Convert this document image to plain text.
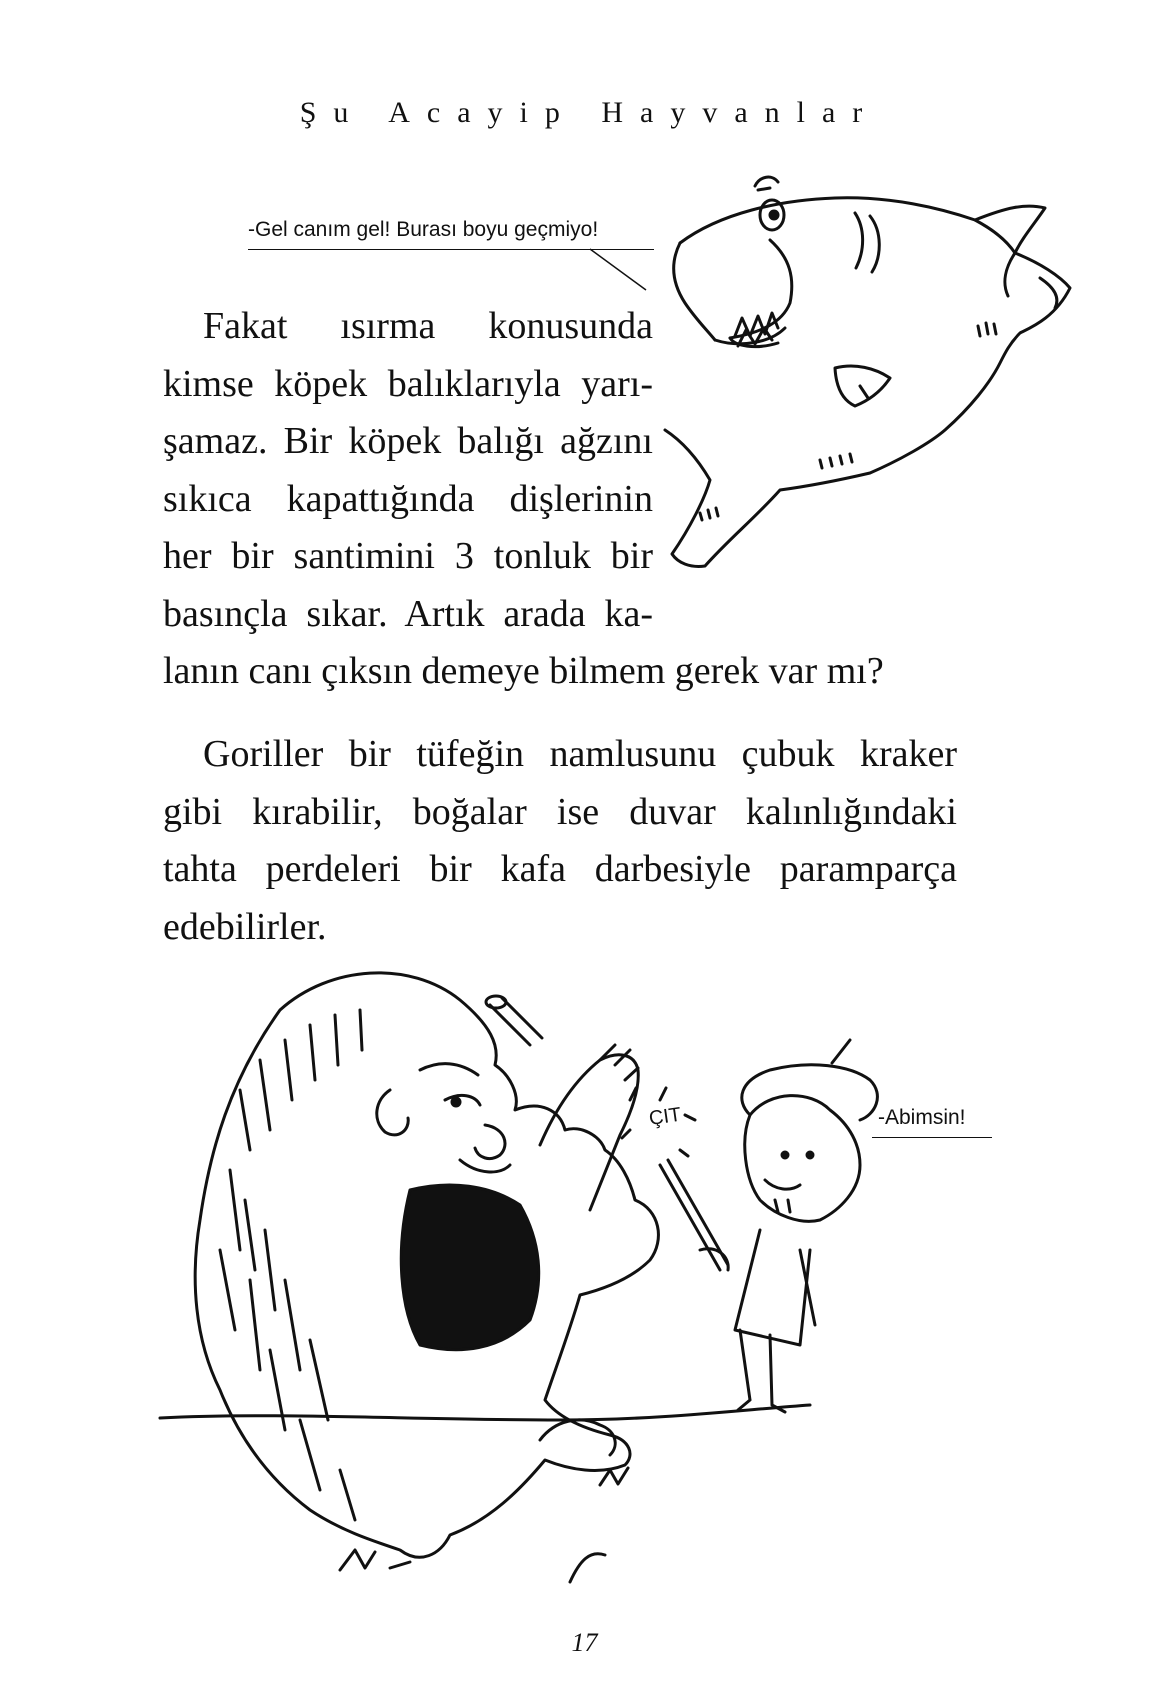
Şu Acayip Hayvanlar
-Gel canım gel! Burası boyu geçmiyo!
Fakat ısırma konusunda
kimse köpek balıklarıyla yarı-
şamaz. Bir köpek balığı ağzını
sıkıca kapattığında dişlerinin
her bir santimini 3 tonluk bir
basınçla sıkar. Artık arada ka-
lanın canı çıksın demeye bilmem gerek var mı?
Goriller bir tüfeğin namlusunu çubuk kraker
gibi kırabilir, boğalar ise duvar kalınlığındaki
tahta perdeleri bir kafa darbesiyle paramparça
edebilirler.
ÇIT	-Abimsin!
17
